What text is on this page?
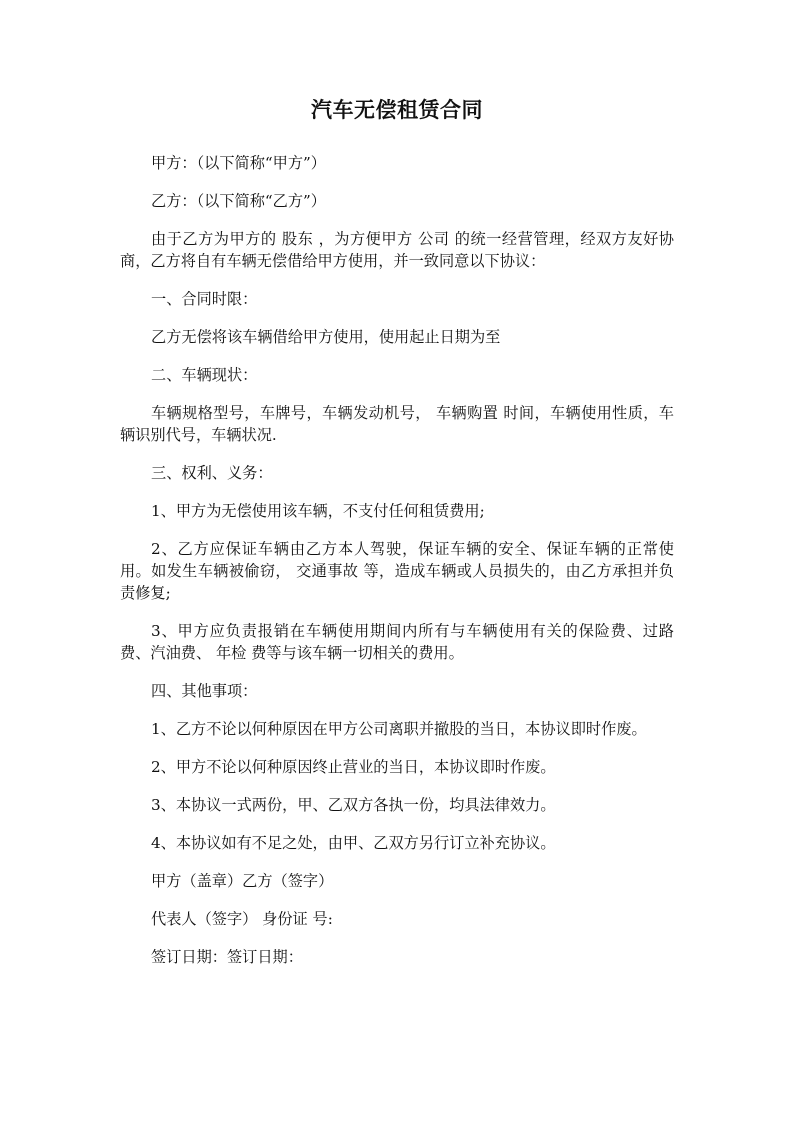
汽车无偿租赁合同

甲方：（以下简称“甲方”）

乙方：（以下简称“乙方”）

由于乙方为甲方的 股东 ，为方便甲方 公司 的统一经营管理，经双方友好协商，乙方将自有车辆无偿借给甲方使用，并一致同意以下协议：

一、合同时限：

乙方无偿将该车辆借给甲方使用，使用起止日期为至

二、车辆现状：

车辆规格型号，车牌号，车辆发动机号， 车辆购置 时间，车辆使用性质，车辆识别代号，车辆状况.

三、权利、义务：

1、甲方为无偿使用该车辆，不支付任何租赁费用;

2、乙方应保证车辆由乙方本人驾驶，保证车辆的安全、保证车辆的正常使用。如发生车辆被偷窃， 交通事故 等，造成车辆或人员损失的，由乙方承担并负责修复;

3、甲方应负责报销在车辆使用期间内所有与车辆使用有关的保险费、过路费、汽油费、 年检 费等与该车辆一切相关的费用。

四、其他事项：

1、乙方不论以何种原因在甲方公司离职并撤股的当日，本协议即时作废。

2、甲方不论以何种原因终止营业的当日，本协议即时作废。

3、本协议一式两份，甲、乙双方各执一份，均具法律效力。

4、本协议如有不足之处，由甲、乙双方另行订立补充协议。

甲方（盖章）乙方（签字）

代表人（签字） 身份证 号:

签订日期：签订日期：
